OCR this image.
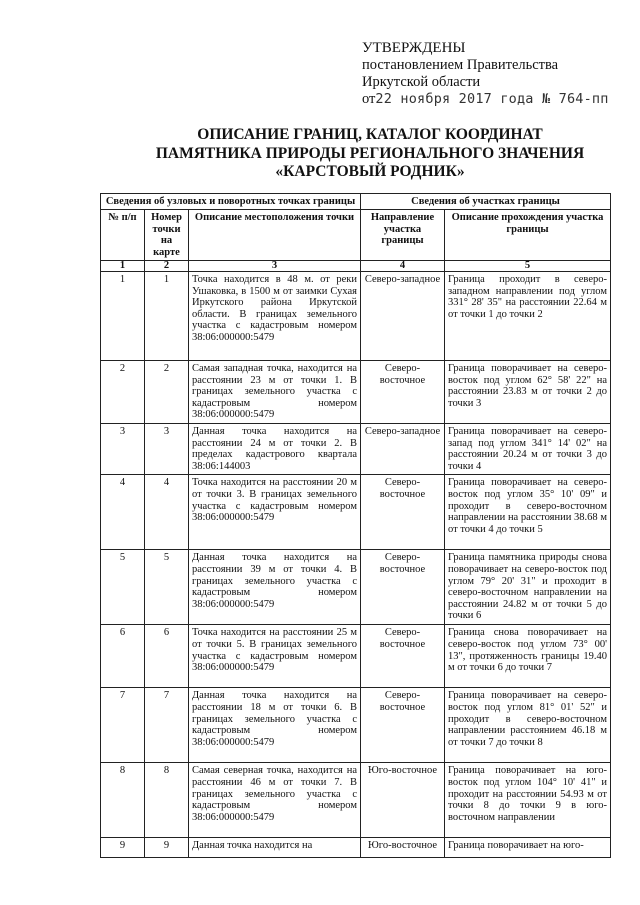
УТВЕРЖДЕНЫ
постановлением Правительства
Иркутской области
от22 ноября 2017 года № 764-пп
ОПИСАНИЕ ГРАНИЦ, КАТАЛОГ КООРДИНАТ
ПАМЯТНИКА ПРИРОДЫ РЕГИОНАЛЬНОГО ЗНАЧЕНИЯ
«КАРСТОВЫЙ РОДНИК»
Сведения об узловых и поворотных точках границы			Сведения об участках границы	
№ п/п	Номер точки на карте	Описание местоположения точки	Направление участка границы	Описание прохождения участка границы
1	2	3	4	5
1	1	Точка находится в 48 м. от реки Ушаковка, в 1500 м от заимки Сухая Иркутского района Иркутской области. В границах земельного участка с кадастровым номером 38:06:000000:5479	Северо-западное	Граница проходит в северо-западном направлении под углом 331° 28' 35" на расстоянии 22.64 м от точки 1 до точки 2
2	2	Самая западная точка, находится на расстоянии 23 м от точки 1. В границах земельного участка с кадастровым номером 38:06:000000:5479	Северо-восточное	Граница поворачивает на северо-восток под углом 62° 58' 22" на расстоянии 23.83 м от точки 2 до точки 3
3	3	Данная точка находится на расстоянии 24 м от точки 2. В пределах кадастрового квартала 38:06:144003	Северо-западное	Граница поворачивает на северо-запад под углом 341° 14' 02" на расстоянии 20.24 м от точки 3 до точки 4
4	4	Точка находится на расстоянии 20 м от точки 3. В границах земельного участка с кадастровым номером 38:06:000000:5479	Северо-восточное	Граница поворачивает на северо-восток под углом 35° 10' 09" и проходит в северо-восточном направлении на расстоянии 38.68 м от точки 4 до точки 5
5	5	Данная точка находится на расстоянии 39 м от точки 4. В границах земельного участка с кадастровым номером 38:06:000000:5479	Северо-восточное	Граница памятника природы снова поворачивает на северо-восток под углом 79° 20' 31" и проходит в северо-восточном направлении на расстоянии 24.82 м от точки 5 до точки 6
6	6	Точка находится на расстоянии 25 м от точки 5. В границах земельного участка с кадастровым номером 38:06:000000:5479	Северо-восточное	Граница снова поворачивает на северо-восток под углом 73° 00' 13", протяженность границы 19.40 м от точки 6 до точки 7
7	7	Данная точка находится на расстоянии 18 м от точки 6. В границах земельного участка с кадастровым номером 38:06:000000:5479	Северо-восточное	Граница поворачивает на северо-восток под углом 81° 01' 52" и проходит в северо-восточном направлении расстоянием 46.18 м от точки 7 до точки 8
8	8	Самая северная точка, находится на расстоянии 46 м от точки 7. В границах земельного участка с кадастровым номером 38:06:000000:5479	Юго-восточное	Граница поворачивает на юго-восток под углом 104° 10' 41" и проходит на расстоянии 54.93 м от точки 8 до точки 9 в юго-восточном направлении
9	9	Данная точка находится на	Юго-восточное	Граница поворачивает на юго-
